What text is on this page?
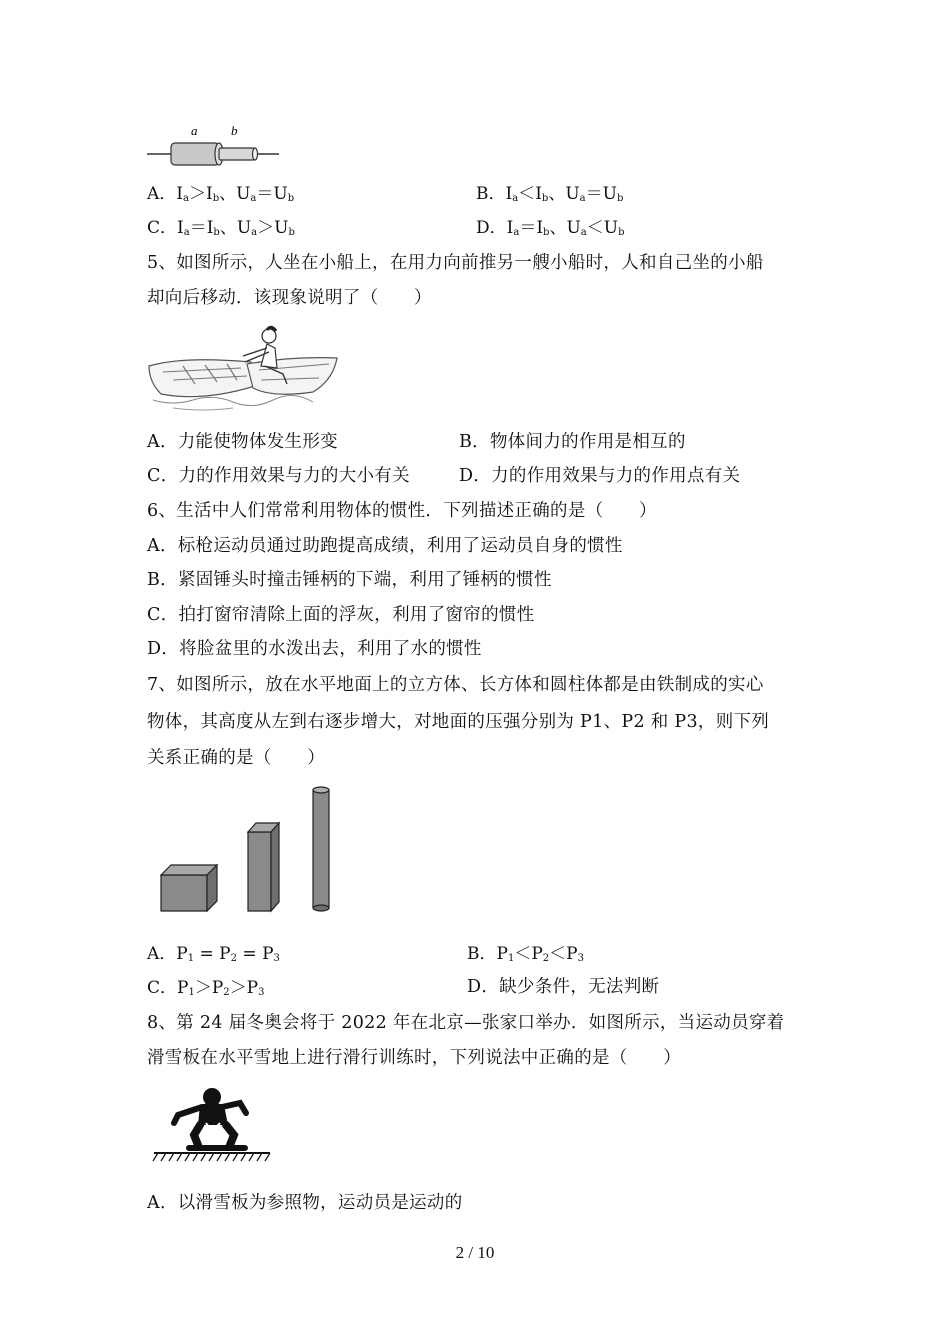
a	b
A．$I_a>I_b$、$U_a=U_b$	B．$I_a<I_b$、$U_a=U_b$
C．$I_a=I_b$、$U_a>U_b$	D．$I_a=I_b$、$U_a<U_b$
5、如图所示，人坐在小船上，在用力向前推另一艘小船时，人和自己坐的小船
却向后移动．该现象说明了（　　）
A．力能使物体发生形变	B．物体间力的作用是相互的
C．力的作用效果与力的大小有关	D．力的作用效果与力的作用点有关
6、生活中人们常常利用物体的惯性．下列描述正确的是（　　）
A．标枪运动员通过助跑提高成绩，利用了运动员自身的惯性
B．紧固锤头时撞击锤柄的下端，利用了锤柄的惯性
C．拍打窗帘清除上面的浮灰，利用了窗帘的惯性
D．将脸盆里的水泼出去，利用了水的惯性
7、如图所示，放在水平地面上的立方体、长方体和圆柱体都是由铁制成的实心
物体，其高度从左到右逐步增大，对地面的压强分别为 P1、P2 和 P3，则下列
关系正确的是（　　）
A．$P_1 = P_2 = P_3$	B．$P_1<P_2<P_3$
C．$P_1>P_2>P_3$	D．缺少条件，无法判断
8、第 24 届冬奥会将于 2022 年在北京—张家口举办．如图所示，当运动员穿着
滑雪板在水平雪地上进行滑行训练时，下列说法中正确的是（　　）
A．以滑雪板为参照物，运动员是运动的
2 / 10
